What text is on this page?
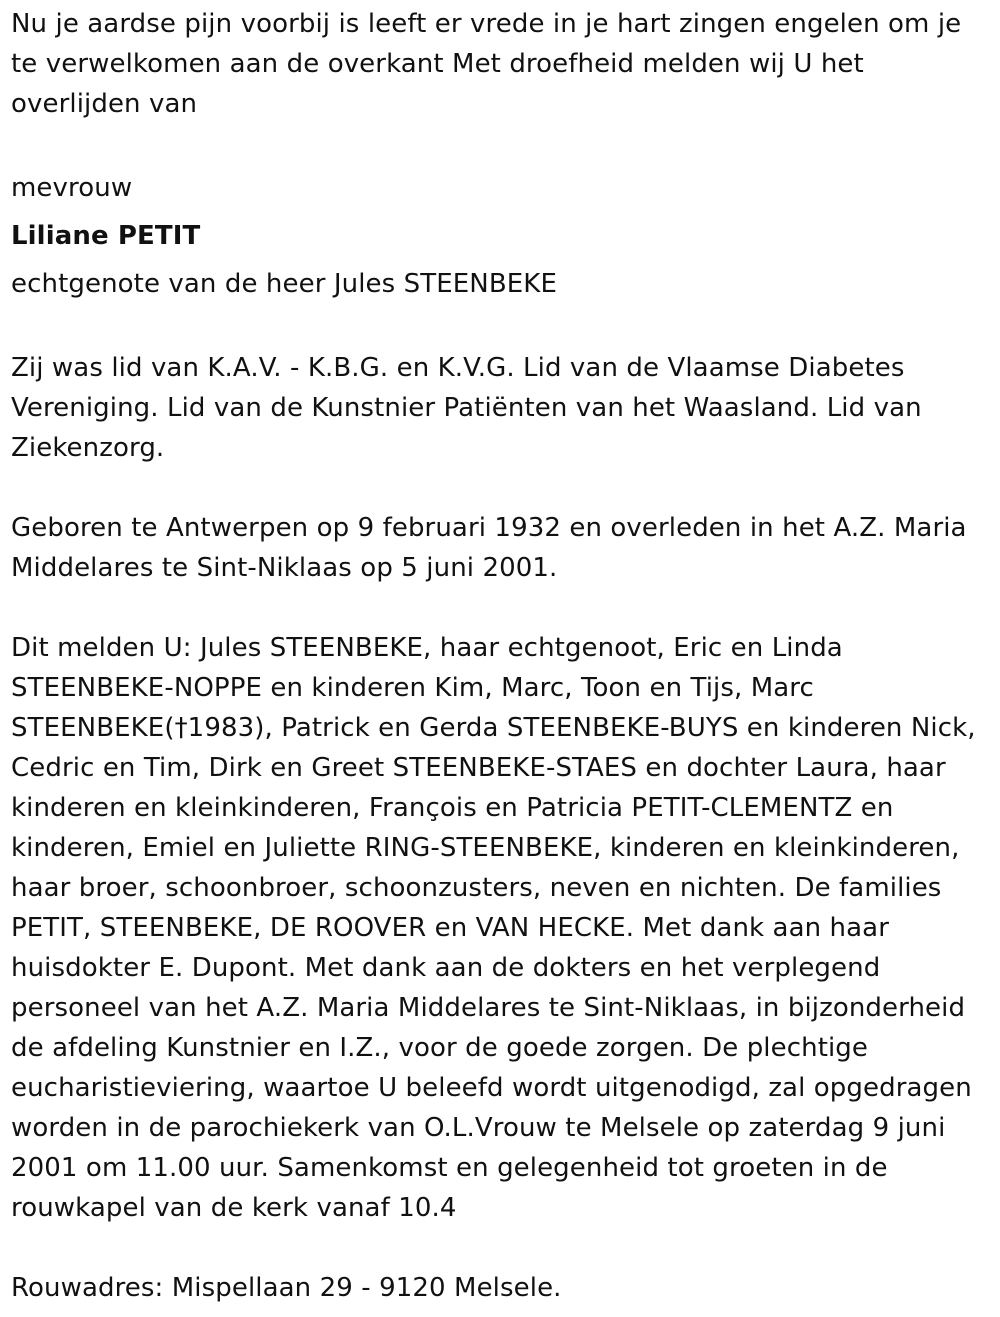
Nu je aardse pijn voorbij is leeft er vrede in je hart zingen engelen om je te verwelkomen aan de overkant Met droefheid melden wij U het overlijden van

mevrouw

Liliane PETIT

echtgenote van de heer Jules STEENBEKE

Zij was lid van K.A.V. - K.B.G. en K.V.G. Lid van de Vlaamse Diabetes Vereniging. Lid van de Kunstnier Patiënten van het Waasland. Lid van Ziekenzorg.

Geboren te Antwerpen op 9 februari 1932 en overleden in het A.Z. Maria Middelares te Sint-Niklaas op 5 juni 2001.

Dit melden U: Jules STEENBEKE, haar echtgenoot, Eric en Linda STEENBEKE-NOPPE en kinderen Kim, Marc, Toon en Tijs, Marc STEENBEKE(†1983), Patrick en Gerda STEENBEKE-BUYS en kinderen Nick, Cedric en Tim, Dirk en Greet STEENBEKE-STAES en dochter Laura, haar kinderen en kleinkinderen, François en Patricia PETIT-CLEMENTZ en kinderen, Emiel en Juliette RING-STEENBEKE, kinderen en kleinkinderen, haar broer, schoonbroer, schoonzusters, neven en nichten. De families PETIT, STEENBEKE, DE ROOVER en VAN HECKE. Met dank aan haar huisdokter E. Dupont. Met dank aan de dokters en het verplegend personeel van het A.Z. Maria Middelares te Sint-Niklaas, in bijzonderheid de afdeling Kunstnier en I.Z., voor de goede zorgen. De plechtige eucharistieviering, waartoe U beleefd wordt uitgenodigd, zal opgedragen worden in de parochiekerk van O.L.Vrouw te Melsele op zaterdag 9 juni 2001 om 11.00 uur. Samenkomst en gelegenheid tot groeten in de rouwkapel van de kerk vanaf 10.4

Rouwadres: Mispellaan 29 - 9120 Melsele.
